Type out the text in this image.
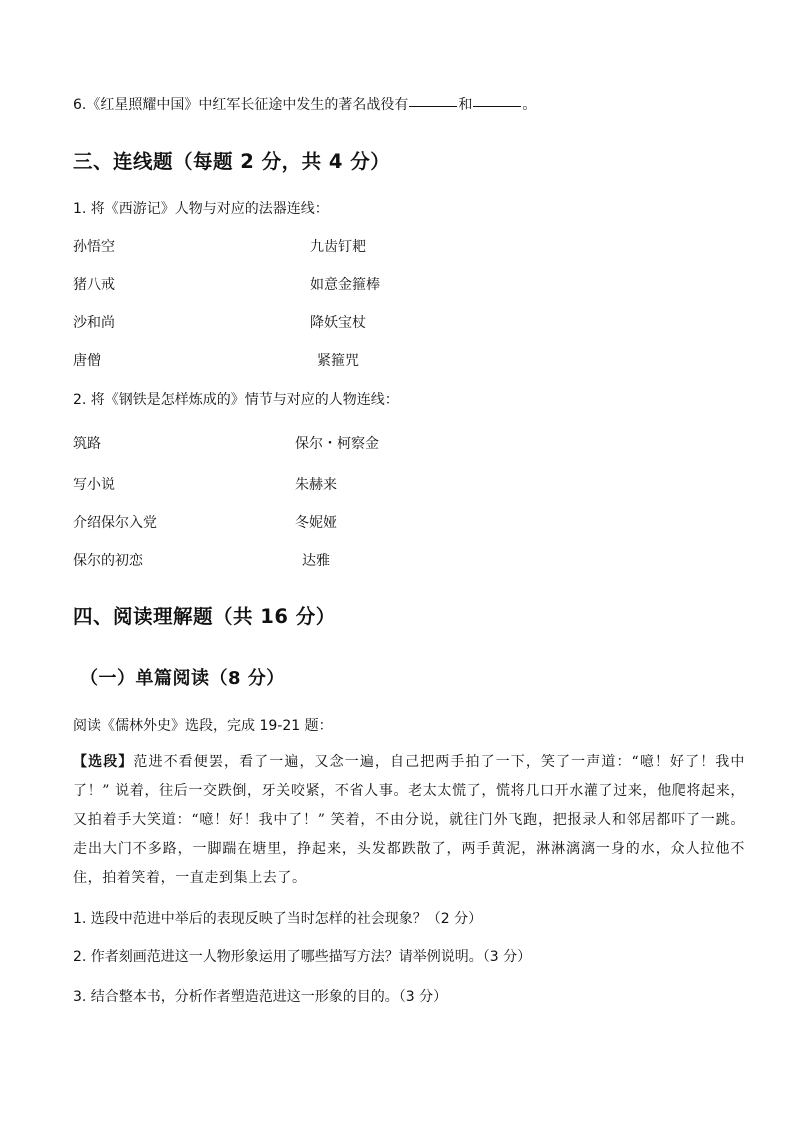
6.《红星照耀中国》中红军长征途中发生的著名战役有	和	。
三、连线题（每题 2 分，共 4 分）
1. 将《西游记》人物与对应的法器连线：
孙悟空	九齿钉耙
猪八戒	如意金箍棒
沙和尚	降妖宝杖
唐僧	紧箍咒
2. 将《钢铁是怎样炼成的》情节与对应的人物连线：
筑路	保尔・柯察金
写小说	朱赫来
介绍保尔入党	冬妮娅
保尔的初恋	达雅
四、阅读理解题（共 16 分）
（一）单篇阅读（8 分）
阅读《儒林外史》选段，完成 19-21 题：
【选段】范进不看便罢，看了一遍，又念一遍，自己把两手拍了一下，笑了一声道：“噫！好了！我中了！” 说着，往后一交跌倒，牙关咬紧，不省人事。老太太慌了，慌将几口开水灌了过来，他爬将起来，又拍着手大笑道：“噫！好！我中了！” 笑着，不由分说，就往门外飞跑，把报录人和邻居都吓了一跳。走出大门不多路，一脚踹在塘里，挣起来，头发都跌散了，两手黄泥，淋淋漓漓一身的水，众人拉他不住，拍着笑着，一直走到集上去了。
1. 选段中范进中举后的表现反映了当时怎样的社会现象？（2 分）
2. 作者刻画范进这一人物形象运用了哪些描写方法？请举例说明。（3 分）
3. 结合整本书，分析作者塑造范进这一形象的目的。（3 分）
